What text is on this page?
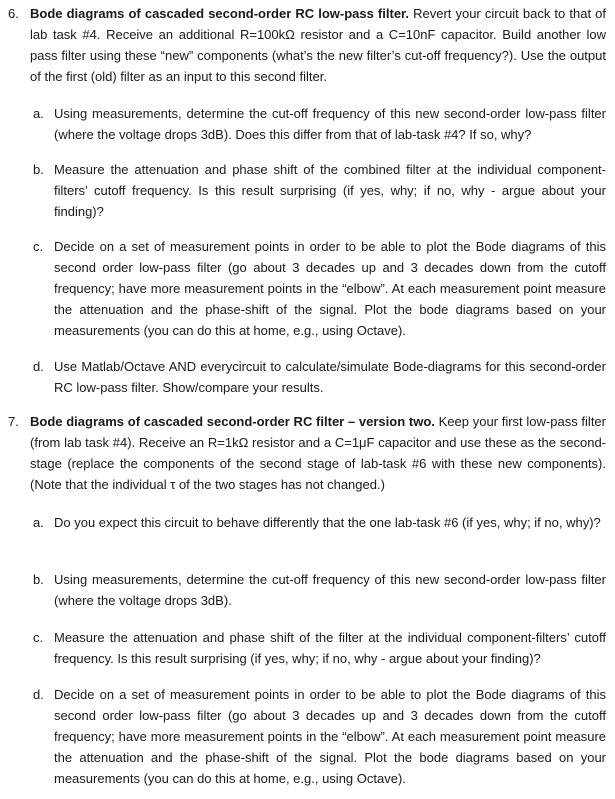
6. Bode diagrams of cascaded second-order RC low-pass filter. Revert your circuit back to that of lab task #4. Receive an additional R=100kΩ resistor and a C=10nF capacitor. Build another low pass filter using these “new” components (what’s the new filter’s cut-off frequency?). Use the output of the first (old) filter as an input to this second filter.
a. Using measurements, determine the cut-off frequency of this new second-order low-pass filter (where the voltage drops 3dB). Does this differ from that of lab-task #4? If so, why?
b. Measure the attenuation and phase shift of the combined filter at the individual component-filters’ cutoff frequency. Is this result surprising (if yes, why; if no, why - argue about your finding)?
c. Decide on a set of measurement points in order to be able to plot the Bode diagrams of this second order low-pass filter (go about 3 decades up and 3 decades down from the cutoff frequency; have more measurement points in the “elbow”. At each measurement point measure the attenuation and the phase-shift of the signal. Plot the bode diagrams based on your measurements (you can do this at home, e.g., using Octave).
d. Use Matlab/Octave AND everycircuit to calculate/simulate Bode-diagrams for this second-order RC low-pass filter. Show/compare your results.
7. Bode diagrams of cascaded second-order RC filter – version two. Keep your first low-pass filter (from lab task #4). Receive an R=1kΩ resistor and a C=1μF capacitor and use these as the second-stage (replace the components of the second stage of lab-task #6 with these new components). (Note that the individual τ of the two stages has not changed.)
a. Do you expect this circuit to behave differently that the one lab-task #6 (if yes, why; if no, why)?
b. Using measurements, determine the cut-off frequency of this new second-order low-pass filter (where the voltage drops 3dB).
c. Measure the attenuation and phase shift of the filter at the individual component-filters’ cutoff frequency. Is this result surprising (if yes, why; if no, why - argue about your finding)?
d. Decide on a set of measurement points in order to be able to plot the Bode diagrams of this second order low-pass filter (go about 3 decades up and 3 decades down from the cutoff frequency; have more measurement points in the “elbow”. At each measurement point measure the attenuation and the phase-shift of the signal. Plot the bode diagrams based on your measurements (you can do this at home, e.g., using Octave).
